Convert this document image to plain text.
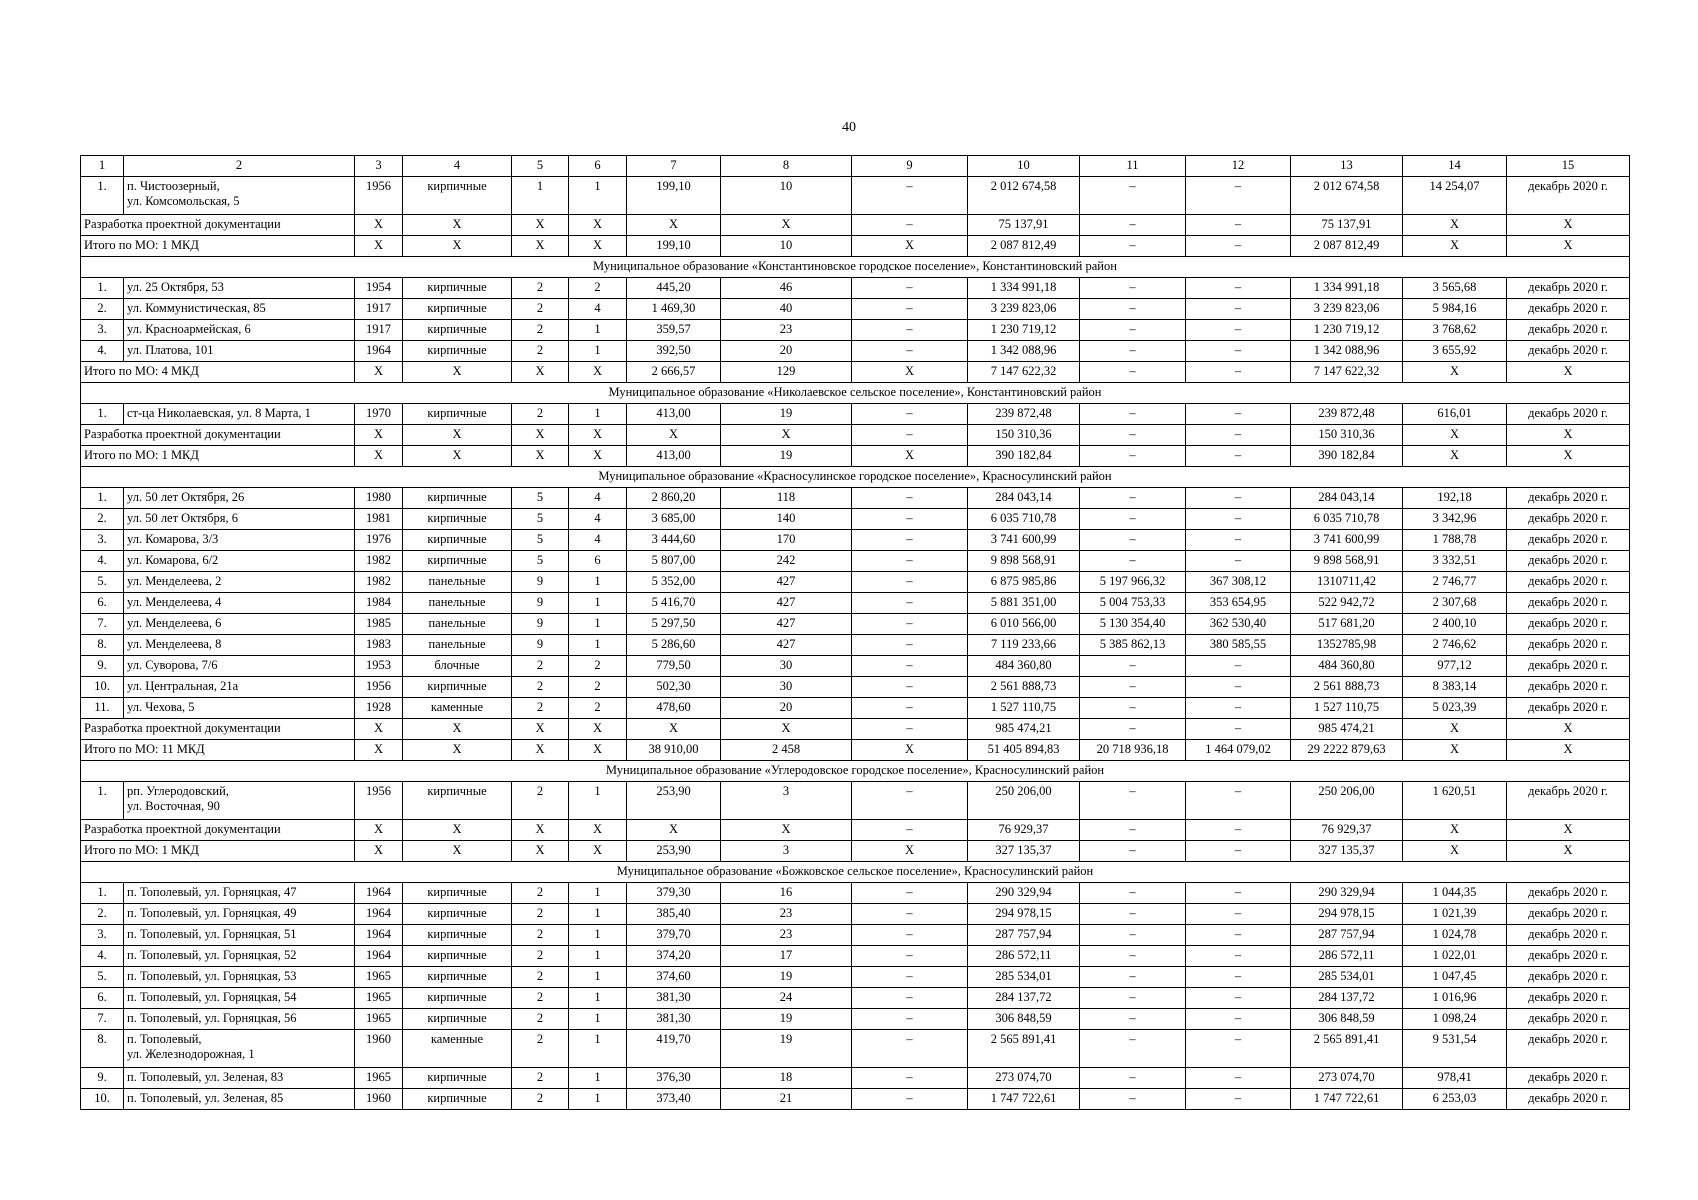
40
1	2	3	4	5	6	7	8	9	10	11	12	13	14	15
1.	п. Чистоозерный,
ул. Комсомольская, 5	1956	кирпичные	1	1	199,10	10	–	2 012 674,58	–	–	2 012 674,58	14 254,07	декабрь 2020 г.
Разработка проектной документации		X	X	X	X	X	X	–	75 137,91	–	–	75 137,91	X	X
Итого по МО: 1 МКД		X	X	X	X	199,10	10	X	2 087 812,49	–	–	2 087 812,49	X	X
Муниципальное образование «Константиновское городское поселение», Константиновский район														
1.	ул. 25 Октября, 53	1954	кирпичные	2	2	445,20	46	–	1 334 991,18	–	–	1 334 991,18	3 565,68	декабрь 2020 г.
2.	ул. Коммунистическая, 85	1917	кирпичные	2	4	1 469,30	40	–	3 239 823,06	–	–	3 239 823,06	5 984,16	декабрь 2020 г.
3.	ул. Красноармейская, 6	1917	кирпичные	2	1	359,57	23	–	1 230 719,12	–	–	1 230 719,12	3 768,62	декабрь 2020 г.
4.	ул. Платова, 101	1964	кирпичные	2	1	392,50	20	–	1 342 088,96	–	–	1 342 088,96	3 655,92	декабрь 2020 г.
Итого по МО: 4 МКД		X	X	X	X	2 666,57	129	X	7 147 622,32	–	–	7 147 622,32	X	X
Муниципальное образование «Николаевское сельское поселение», Константиновский район														
1.	ст-ца Николаевская, ул. 8 Марта, 1	1970	кирпичные	2	1	413,00	19	–	239 872,48	–	–	239 872,48	616,01	декабрь 2020 г.
Разработка проектной документации		X	X	X	X	X	X	–	150 310,36	–	–	150 310,36	X	X
Итого по МО: 1 МКД		X	X	X	X	413,00	19	X	390 182,84	–	–	390 182,84	X	X
Муниципальное образование «Красносулинское городское поселение», Красносулинский район														
1.	ул. 50 лет Октября, 26	1980	кирпичные	5	4	2 860,20	118	–	284 043,14	–	–	284 043,14	192,18	декабрь 2020 г.
2.	ул. 50 лет Октября, 6	1981	кирпичные	5	4	3 685,00	140	–	6 035 710,78	–	–	6 035 710,78	3 342,96	декабрь 2020 г.
3.	ул. Комарова, 3/3	1976	кирпичные	5	4	3 444,60	170	–	3 741 600,99	–	–	3 741 600,99	1 788,78	декабрь 2020 г.
4.	ул. Комарова, 6/2	1982	кирпичные	5	6	5 807,00	242	–	9 898 568,91	–	–	9 898 568,91	3 332,51	декабрь 2020 г.
5.	ул. Менделеева, 2	1982	панельные	9	1	5 352,00	427	–	6 875 985,86	5 197 966,32	367 308,12	1310711,42	2 746,77	декабрь 2020 г.
6.	ул. Менделеева, 4	1984	панельные	9	1	5 416,70	427	–	5 881 351,00	5 004 753,33	353 654,95	522 942,72	2 307,68	декабрь 2020 г.
7.	ул. Менделеева, 6	1985	панельные	9	1	5 297,50	427	–	6 010 566,00	5 130 354,40	362 530,40	517 681,20	2 400,10	декабрь 2020 г.
8.	ул. Менделеева, 8	1983	панельные	9	1	5 286,60	427	–	7 119 233,66	5 385 862,13	380 585,55	1352785,98	2 746,62	декабрь 2020 г.
9.	ул. Суворова, 7/6	1953	блочные	2	2	779,50	30	–	484 360,80	–	–	484 360,80	977,12	декабрь 2020 г.
10.	ул. Центральная, 21а	1956	кирпичные	2	2	502,30	30	–	2 561 888,73	–	–	2 561 888,73	8 383,14	декабрь 2020 г.
11.	ул. Чехова, 5	1928	каменные	2	2	478,60	20	–	1 527 110,75	–	–	1 527 110,75	5 023,39	декабрь 2020 г.
Разработка проектной документации		X	X	X	X	X	X	–	985 474,21	–	–	985 474,21	X	X
Итого по МО: 11 МКД		X	X	X	X	38 910,00	2 458	X	51 405 894,83	20 718 936,18	1 464 079,02	29 2222 879,63	X	X
Муниципальное образование «Углеродовское городское поселение», Красносулинский район														
1.	рп. Углеродовский,
ул. Восточная, 90	1956	кирпичные	2	1	253,90	3	–	250 206,00	–	–	250 206,00	1 620,51	декабрь 2020 г.
Разработка проектной документации		X	X	X	X	X	X	–	76 929,37	–	–	76 929,37	X	X
Итого по МО: 1 МКД		X	X	X	X	253,90	3	X	327 135,37	–	–	327 135,37	X	X
Муниципальное образование «Божковское сельское поселение», Красносулинский район														
1.	п. Тополевый, ул. Горняцкая, 47	1964	кирпичные	2	1	379,30	16	–	290 329,94	–	–	290 329,94	1 044,35	декабрь 2020 г.
2.	п. Тополевый, ул. Горняцкая, 49	1964	кирпичные	2	1	385,40	23	–	294 978,15	–	–	294 978,15	1 021,39	декабрь 2020 г.
3.	п. Тополевый, ул. Горняцкая, 51	1964	кирпичные	2	1	379,70	23	–	287 757,94	–	–	287 757,94	1 024,78	декабрь 2020 г.
4.	п. Тополевый, ул. Горняцкая, 52	1964	кирпичные	2	1	374,20	17	–	286 572,11	–	–	286 572,11	1 022,01	декабрь 2020 г.
5.	п. Тополевый, ул. Горняцкая, 53	1965	кирпичные	2	1	374,60	19	–	285 534,01	–	–	285 534,01	1 047,45	декабрь 2020 г.
6.	п. Тополевый, ул. Горняцкая, 54	1965	кирпичные	2	1	381,30	24	–	284 137,72	–	–	284 137,72	1 016,96	декабрь 2020 г.
7.	п. Тополевый, ул. Горняцкая, 56	1965	кирпичные	2	1	381,30	19	–	306 848,59	–	–	306 848,59	1 098,24	декабрь 2020 г.
8.	п. Тополевый,
ул. Железнодорожная, 1	1960	каменные	2	1	419,70	19	–	2 565 891,41	–	–	2 565 891,41	9 531,54	декабрь 2020 г.
9.	п. Тополевый, ул. Зеленая, 83	1965	кирпичные	2	1	376,30	18	–	273 074,70	–	–	273 074,70	978,41	декабрь 2020 г.
10.	п. Тополевый, ул. Зеленая, 85	1960	кирпичные	2	1	373,40	21	–	1 747 722,61	–	–	1 747 722,61	6 253,03	декабрь 2020 г.
